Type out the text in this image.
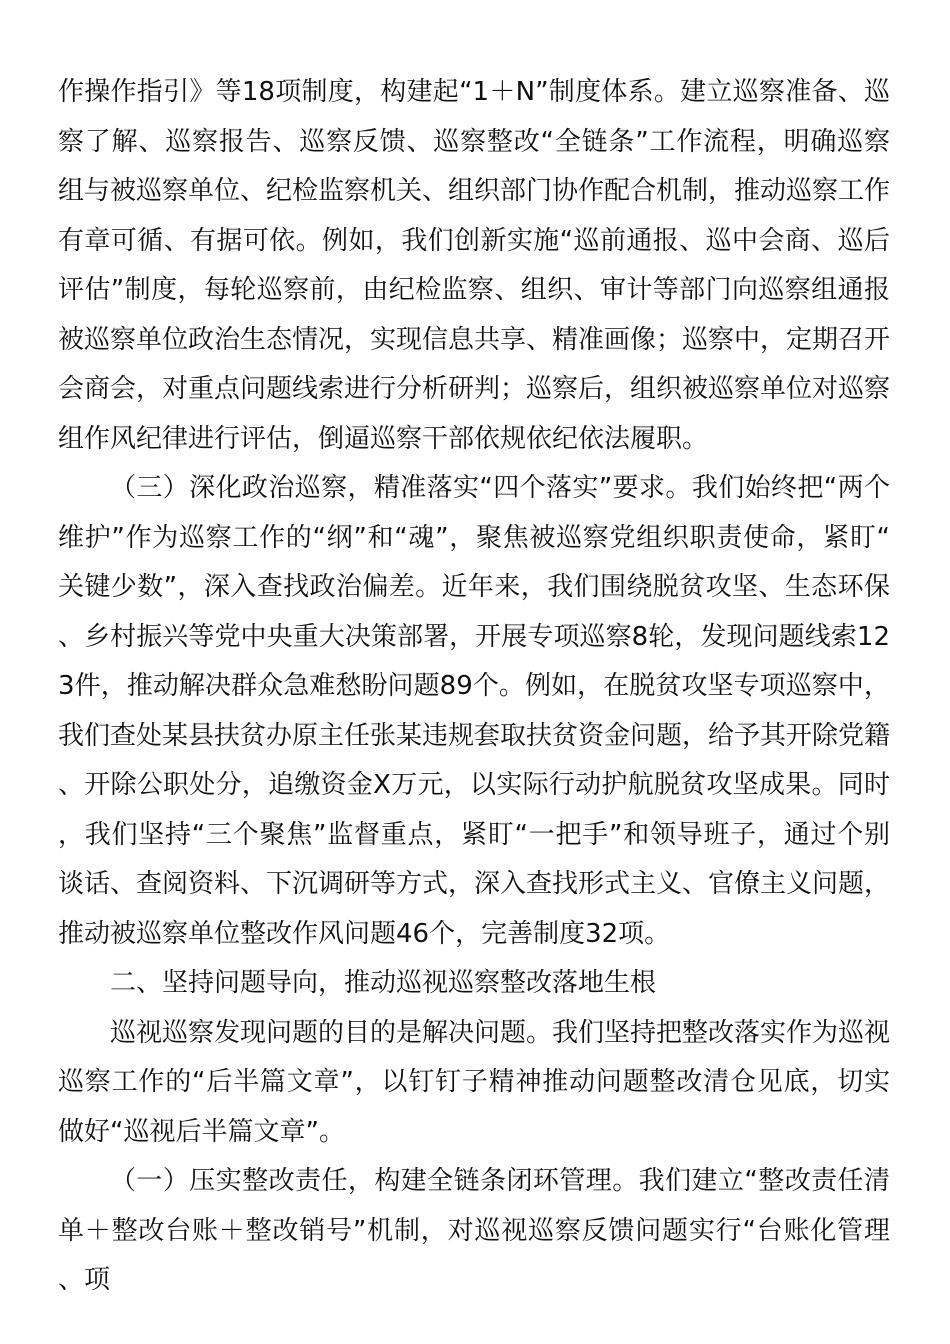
作操作指引》等18项制度，构建起“1＋N”制度体系。建立巡察准备、巡察了解、巡察报告、巡察反馈、巡察整改“全链条”工作流程，明确巡察组与被巡察单位、纪检监察机关、组织部门协作配合机制，推动巡察工作有章可循、有据可依。例如，我们创新实施“巡前通报、巡中会商、巡后评估”制度，每轮巡察前，由纪检监察、组织、审计等部门向巡察组通报被巡察单位政治生态情况，实现信息共享、精准画像；巡察中，定期召开会商会，对重点问题线索进行分析研判；巡察后，组织被巡察单位对巡察组作风纪律进行评估，倒逼巡察干部依规依纪依法履职。

（三）深化政治巡察，精准落实“四个落实”要求。我们始终把“两个维护”作为巡察工作的“纲”和“魂”，聚焦被巡察党组织职责使命，紧盯“关键少数”，深入查找政治偏差。近年来，我们围绕脱贫攻坚、生态环保、乡村振兴等党中央重大决策部署，开展专项巡察8轮，发现问题线索123件，推动解决群众急难愁盼问题89个。例如，在脱贫攻坚专项巡察中，我们查处某县扶贫办原主任张某违规套取扶贫资金问题，给予其开除党籍、开除公职处分，追缴资金X万元，以实际行动护航脱贫攻坚成果。同时，我们坚持“三个聚焦”监督重点，紧盯“一把手”和领导班子，通过个别谈话、查阅资料、下沉调研等方式，深入查找形式主义、官僚主义问题，推动被巡察单位整改作风问题46个，完善制度32项。

二、坚持问题导向，推动巡视巡察整改落地生根

巡视巡察发现问题的目的是解决问题。我们坚持把整改落实作为巡视巡察工作的“后半篇文章”，以钉钉子精神推动问题整改清仓见底，切实做好“巡视后半篇文章”。

（一）压实整改责任，构建全链条闭环管理。我们建立“整改责任清单＋整改台账＋整改销号”机制，对巡视巡察反馈问题实行“台账化管理、项
